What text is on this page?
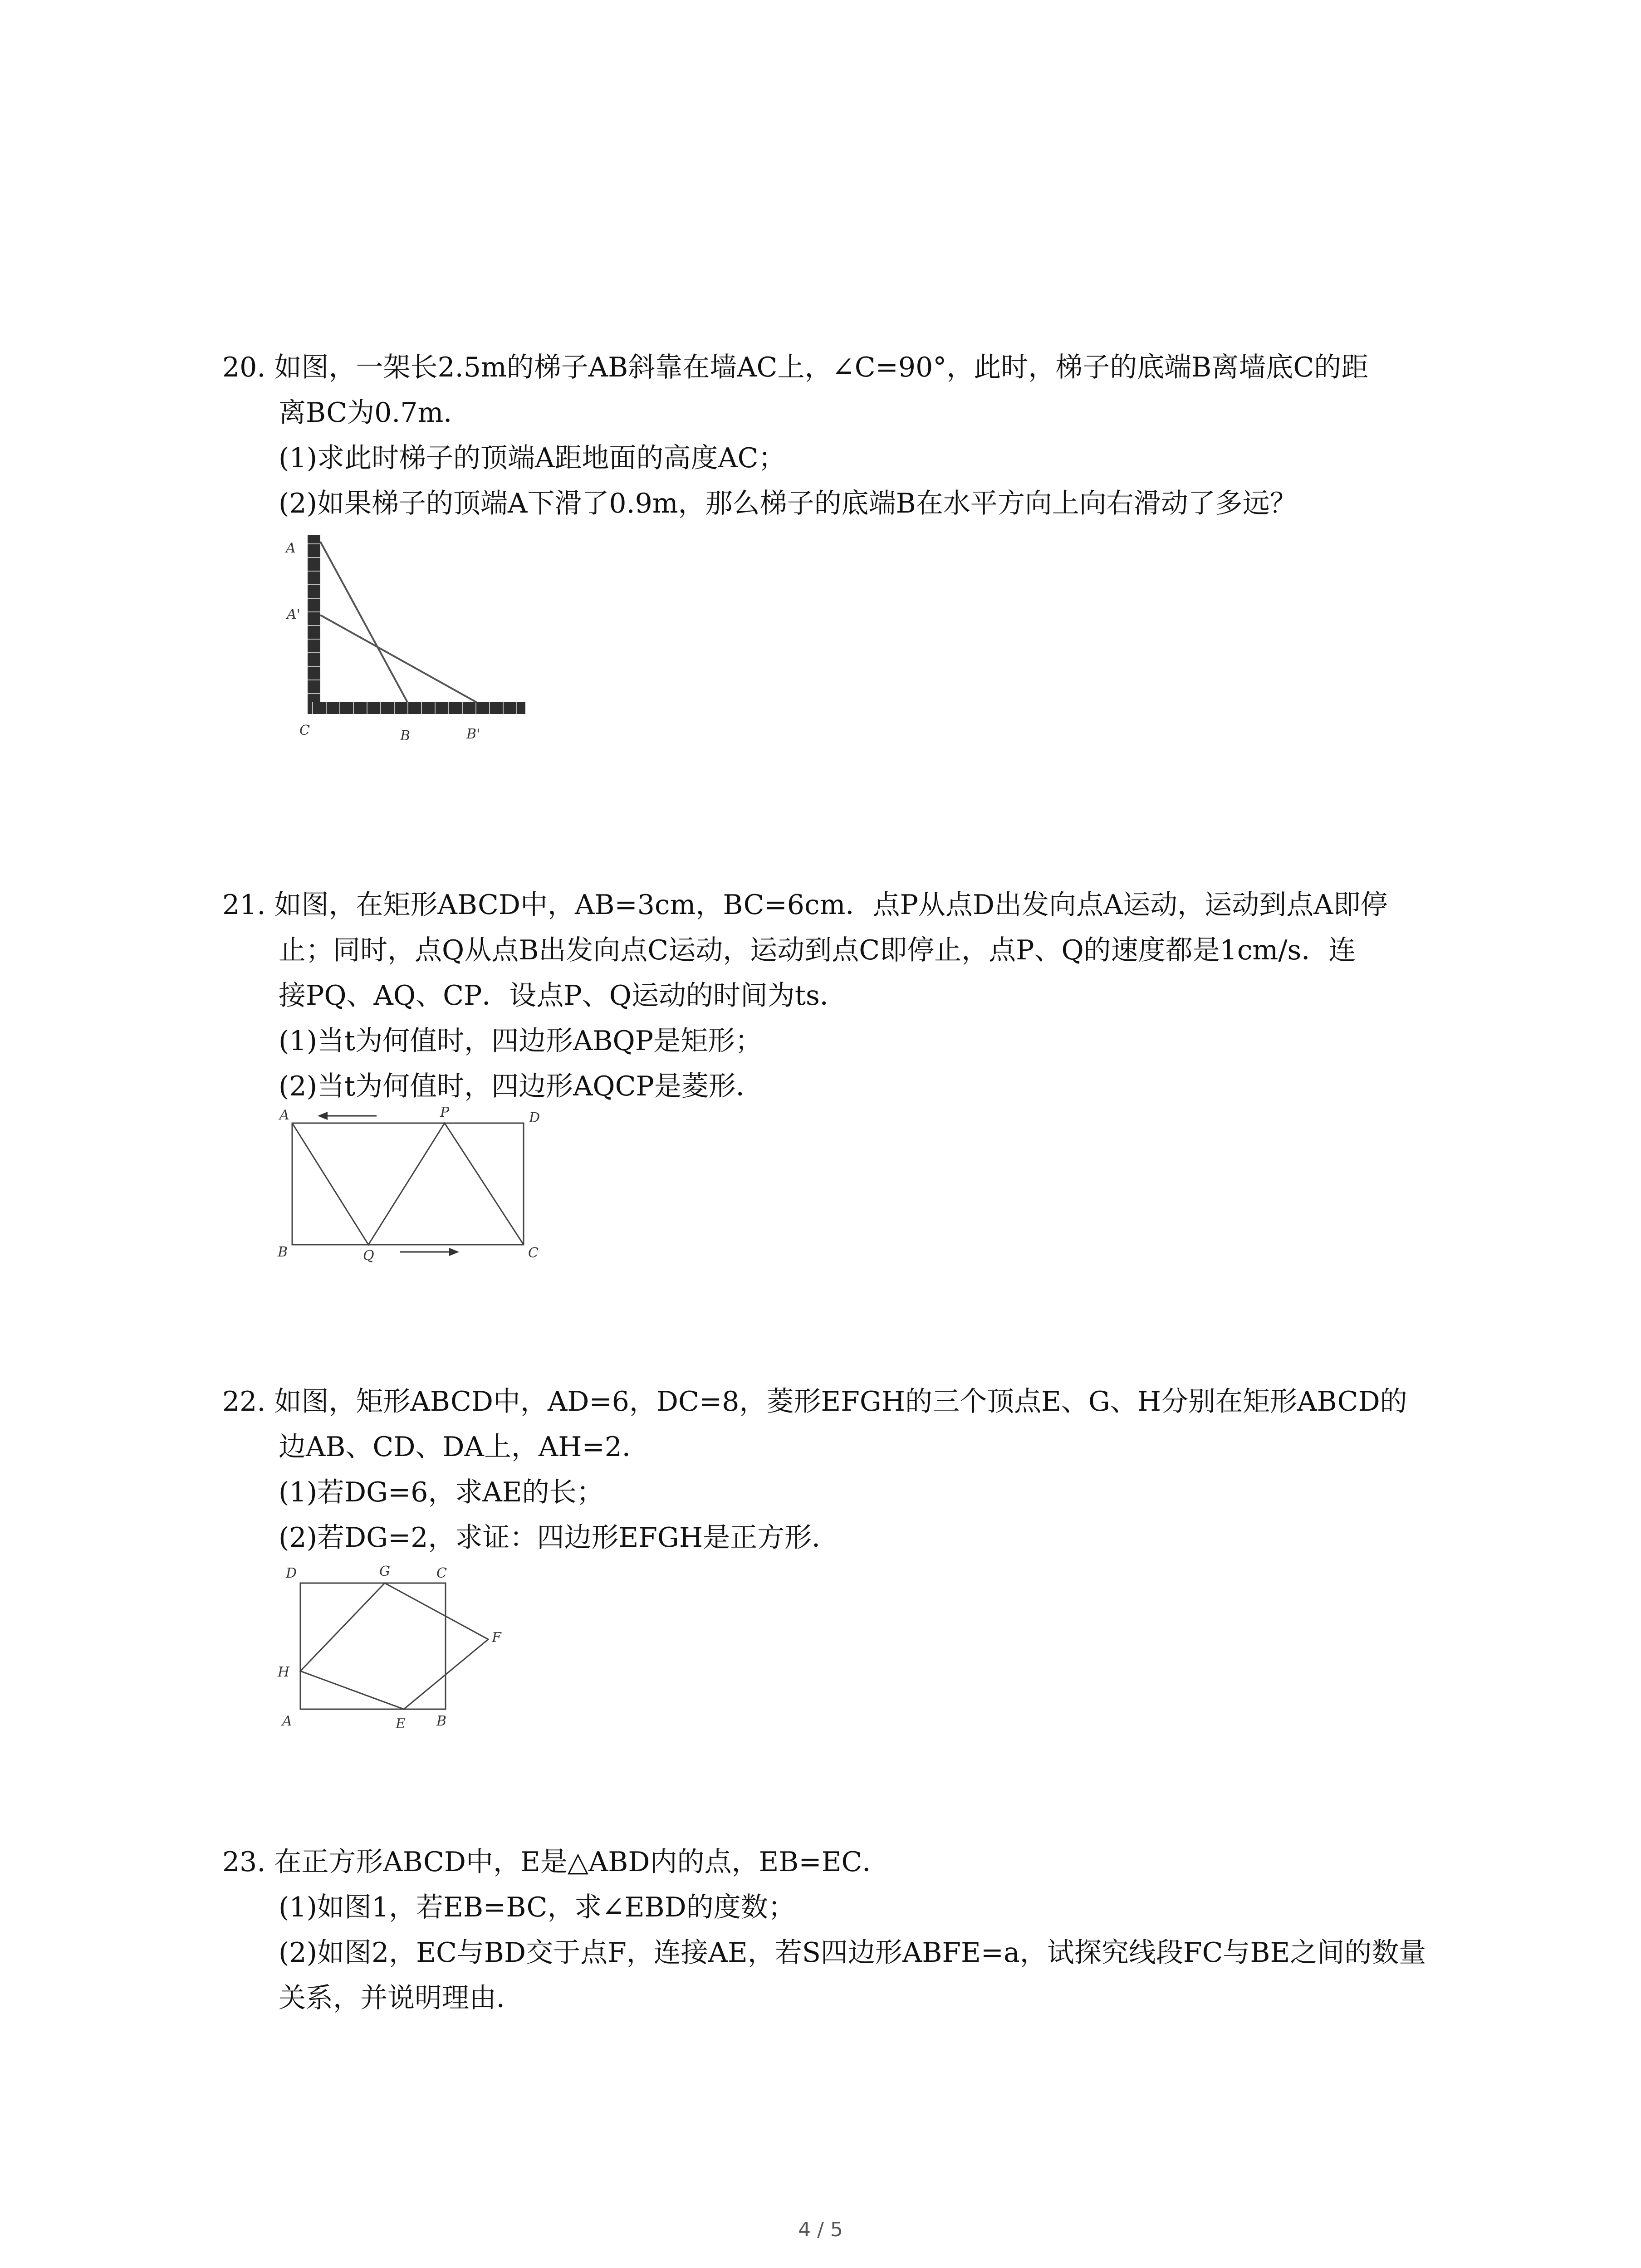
20. 如图，一架长2.5m的梯子AB斜靠在墙AC上，∠C=90°，此时，梯子的底端B离墙底C的距
离BC为0.7m．
(1)求此时梯子的顶端A距地面的高度AC；
(2)如果梯子的顶端A下滑了0.9m，那么梯子的底端B在水平方向上向右滑动了多远？
A
A'
C	B	B'
21. 如图，在矩形ABCD中，AB=3cm，BC=6cm．点P从点D出发向点A运动，运动到点A即停
止；同时，点Q从点B出发向点C运动，运动到点C即停止，点P、Q的速度都是1cm/s．连
接PQ、AQ、CP．设点P、Q运动的时间为ts．
(1)当t为何值时，四边形ABQP是矩形；
(2)当t为何值时，四边形AQCP是菱形．
A	P	D
B	Q	C
22. 如图，矩形ABCD中，AD=6，DC=8，菱形EFGH的三个顶点E、G、H分别在矩形ABCD的
边AB、CD、DA上，AH=2．
(1)若DG=6，求AE的长；
(2)若DG=2，求证：四边形EFGH是正方形．
D	G	C
F
H
A	E B
23. 在正方形ABCD中，E是△ABD内的点，EB=EC．
(1)如图1，若EB=BC，求∠EBD的度数；
(2)如图2，EC与BD交于点F，连接AE，若S四边形ABFE=a，试探究线段FC与BE之间的数量
关系，并说明理由．
4 / 5
